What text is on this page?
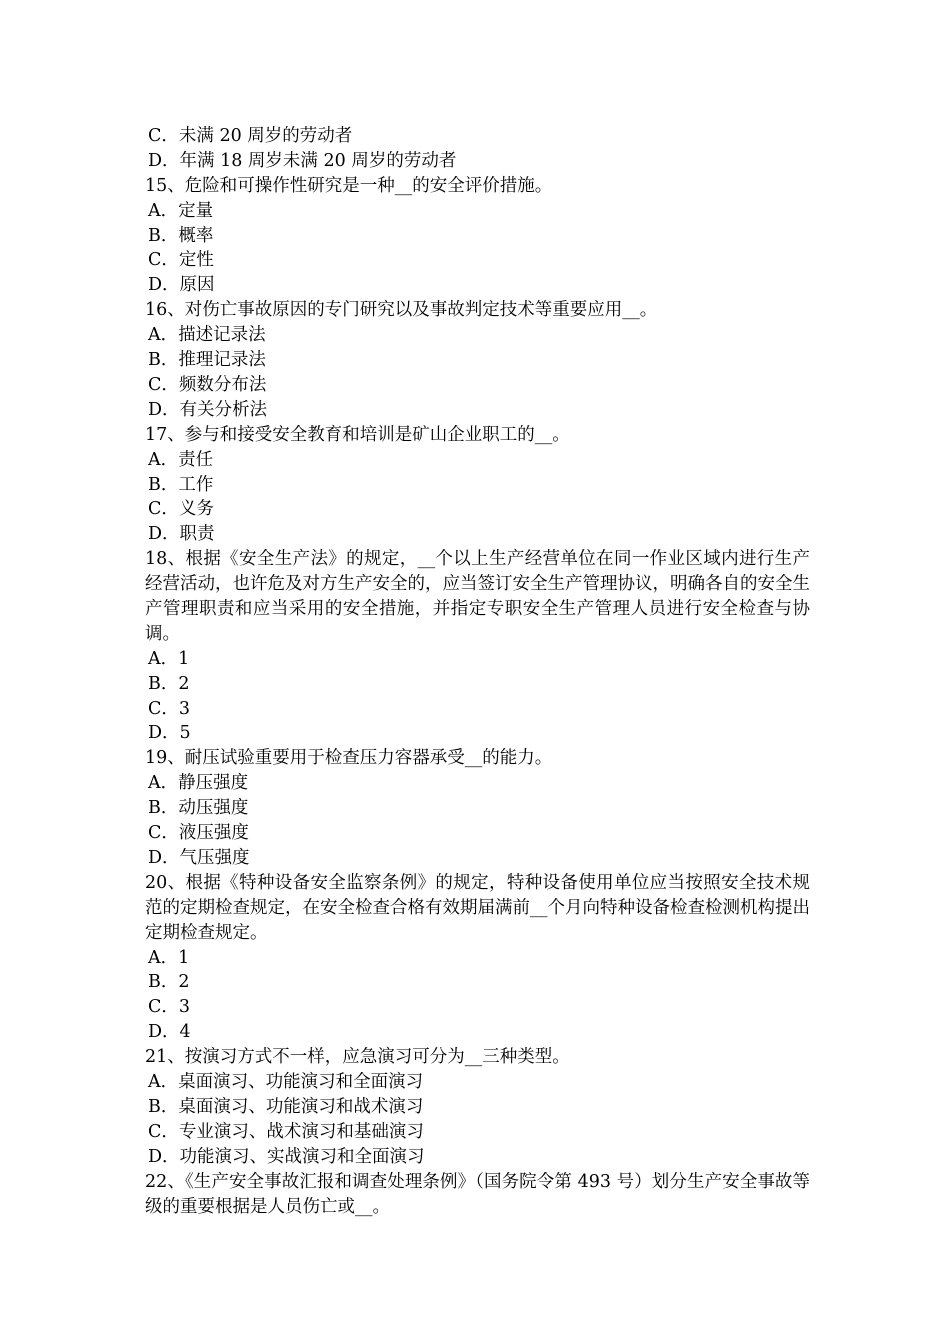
C．未满 20 周岁的劳动者
D．年满 18 周岁未满 20 周岁的劳动者
15、危险和可操作性研究是一种__的安全评价措施。
A．定量
B．概率
C．定性
D．原因
16、对伤亡事故原因的专门研究以及事故判定技术等重要应用__。
A．描述记录法
B．推理记录法
C．频数分布法
D．有关分析法
17、参与和接受安全教育和培训是矿山企业职工的__。
A．责任
B．工作
C．义务
D．职责
18、根据《安全生产法》的规定，__个以上生产经营单位在同一作业区域内进行生产经营活动，也许危及对方生产安全的，应当签订安全生产管理协议，明确各自的安全生产管理职责和应当采用的安全措施，并指定专职安全生产管理人员进行安全检查与协调。
A．1
B．2
C．3
D．5
19、耐压试验重要用于检查压力容器承受__的能力。
A．静压强度
B．动压强度
C．液压强度
D．气压强度
20、根据《特种设备安全监察条例》的规定，特种设备使用单位应当按照安全技术规范的定期检查规定，在安全检查合格有效期届满前__个月向特种设备检查检测机构提出定期检查规定。
A．1
B．2
C．3
D．4
21、按演习方式不一样，应急演习可分为__三种类型。
A．桌面演习、功能演习和全面演习
B．桌面演习、功能演习和战术演习
C．专业演习、战术演习和基础演习
D．功能演习、实战演习和全面演习
22、《生产安全事故汇报和调查处理条例》（国务院令第 493 号）划分生产安全事故等级的重要根据是人员伤亡或__。
